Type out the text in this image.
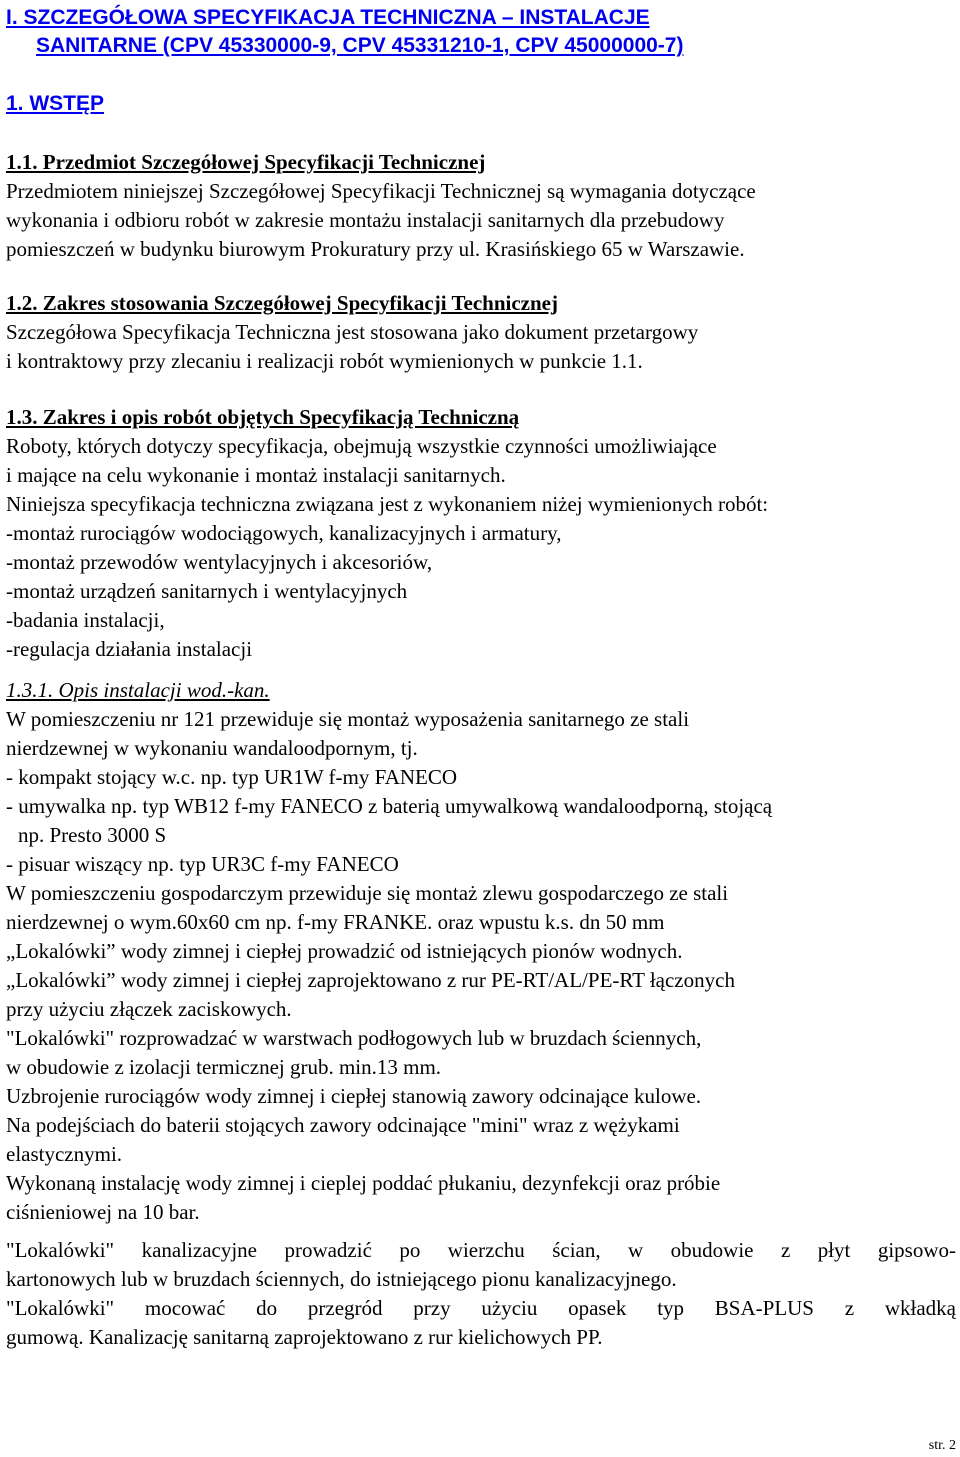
I. SZCZEGÓŁOWA SPECYFIKACJA TECHNICZNA – INSTALACJE
SANITARNE (CPV 45330000-9, CPV 45331210-1, CPV 45000000-7)
1. WSTĘP
1.1. Przedmiot Szczegółowej Specyfikacji Technicznej
Przedmiotem niniejszej Szczegółowej Specyfikacji Technicznej są wymagania dotyczące
wykonania i odbioru robót w zakresie montażu instalacji sanitarnych dla przebudowy
pomieszczeń w budynku biurowym Prokuratury przy ul. Krasińskiego 65 w Warszawie.
1.2. Zakres stosowania Szczegółowej Specyfikacji Technicznej
Szczegółowa Specyfikacja Techniczna jest stosowana jako dokument przetargowy
i kontraktowy przy zlecaniu i realizacji robót wymienionych w punkcie 1.1.
1.3. Zakres i opis robót objętych Specyfikacją Techniczną
Roboty, których dotyczy specyfikacja, obejmują wszystkie czynności umożliwiające
i mające na celu wykonanie i montaż instalacji sanitarnych.
Niniejsza specyfikacja techniczna związana jest z wykonaniem niżej wymienionych robót:
-montaż rurociągów wodociągowych, kanalizacyjnych i armatury,
-montaż przewodów wentylacyjnych i akcesoriów,
-montaż urządzeń sanitarnych i wentylacyjnych
-badania instalacji,
-regulacja działania instalacji
1.3.1. Opis instalacji wod.-kan.
W pomieszczeniu nr 121 przewiduje się montaż wyposażenia sanitarnego ze stali
nierdzewnej w wykonaniu wandaloodpornym, tj.
- kompakt stojący w.c. np. typ UR1W f-my FANECO
- umywalka np. typ WB12 f-my FANECO z baterią umywalkową wandaloodporną, stojącą
np. Presto 3000 S
- pisuar wiszący np. typ UR3C f-my FANECO
W pomieszczeniu gospodarczym przewiduje się montaż zlewu gospodarczego ze stali
nierdzewnej o wym.60x60 cm np. f-my FRANKE. oraz wpustu k.s. dn 50 mm
„Lokalówki” wody zimnej i ciepłej prowadzić od istniejących pionów wodnych.
„Lokalówki” wody zimnej i ciepłej zaprojektowano z rur PE-RT/AL/PE-RT łączonych
przy użyciu złączek zaciskowych.
"Lokalówki" rozprowadzać w warstwach podłogowych lub w bruzdach ściennych,
w obudowie z izolacji termicznej grub. min.13 mm.
Uzbrojenie rurociągów wody zimnej i ciepłej stanowią zawory odcinające kulowe.
Na podejściach do baterii stojących zawory odcinające "mini" wraz z wężykami
elastycznymi.
Wykonaną instalację wody zimnej i cieplej poddać płukaniu, dezynfekcji oraz próbie
ciśnieniowej na 10 bar.
"Lokalówki" kanalizacyjne prowadzić po wierzchu ścian, w obudowie z płyt gipsowo-
kartonowych lub w bruzdach ściennych, do istniejącego pionu kanalizacyjnego.
"Lokalówki" mocować do przegród przy użyciu opasek typ BSA-PLUS z wkładką
gumową. Kanalizację sanitarną zaprojektowano z rur kielichowych PP.
str. 2
